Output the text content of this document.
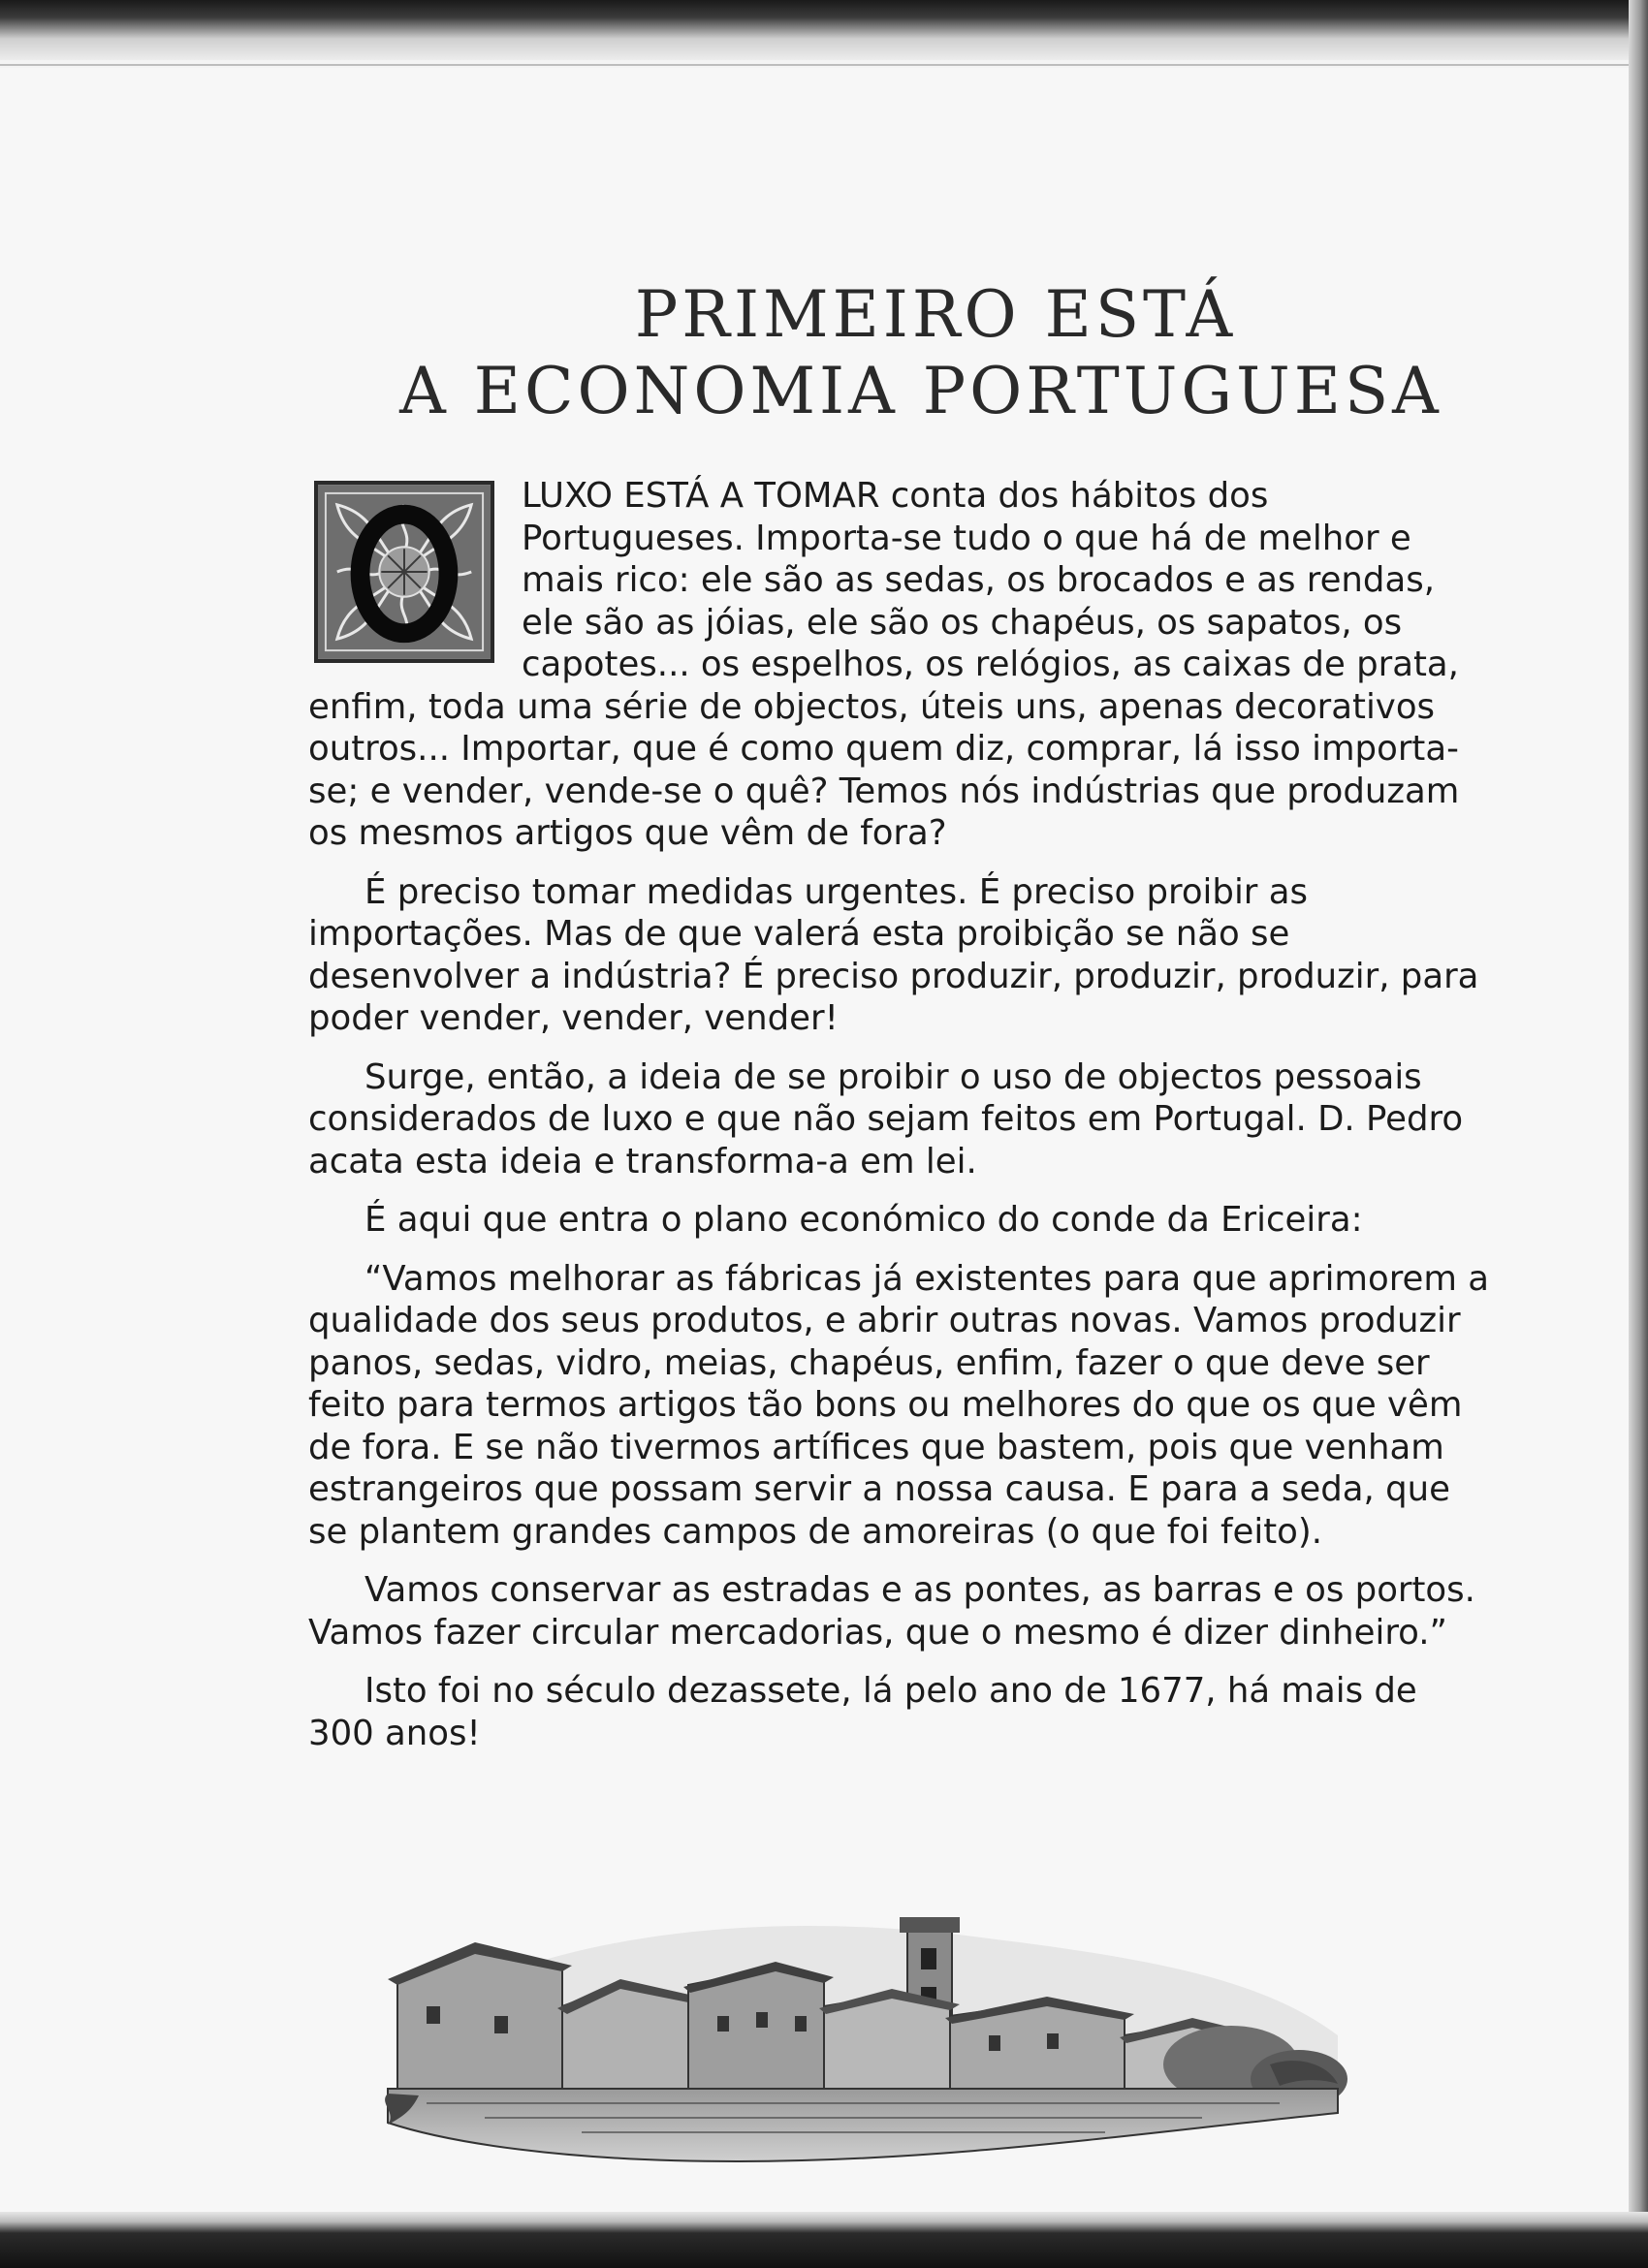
PRIMEIRO ESTÁ
A ECONOMIA PORTUGUESA

LUXO ESTÁ A TOMAR conta dos hábitos dos Portugueses. Importa-se tudo o que há de melhor e mais rico: ele são as sedas, os brocados e as rendas, ele são as jóias, ele são os chapéus, os sapatos, os capotes... os espelhos, os relógios, as caixas de prata, enfim, toda uma série de objectos, úteis uns, apenas decorativos outros... Importar, que é como quem diz, comprar, lá isso importa-se; e vender, vende-se o quê? Temos nós indústrias que produzam os mesmos artigos que vêm de fora?

É preciso tomar medidas urgentes. É preciso proibir as importações. Mas de que valerá esta proibição se não se desenvolver a indústria? É preciso produzir, produzir, produzir, para poder vender, vender, vender!

Surge, então, a ideia de se proibir o uso de objectos pessoais considerados de luxo e que não sejam feitos em Portugal. D. Pedro acata esta ideia e transforma-a em lei.

É aqui que entra o plano económico do conde da Ericeira:

“Vamos melhorar as fábricas já existentes para que aprimorem a qualidade dos seus produtos, e abrir outras novas. Vamos produzir panos, sedas, vidro, meias, chapéus, enfim, fazer o que deve ser feito para termos artigos tão bons ou melhores do que os que vêm de fora. E se não tivermos artífices que bastem, pois que venham estrangeiros que possam servir a nossa causa. E para a seda, que se plantem grandes campos de amoreiras (o que foi feito).

Vamos conservar as estradas e as pontes, as barras e os portos. Vamos fazer circular mercadorias, que o mesmo é dizer dinheiro.”

Isto foi no século dezassete, lá pelo ano de 1677, há mais de 300 anos!
